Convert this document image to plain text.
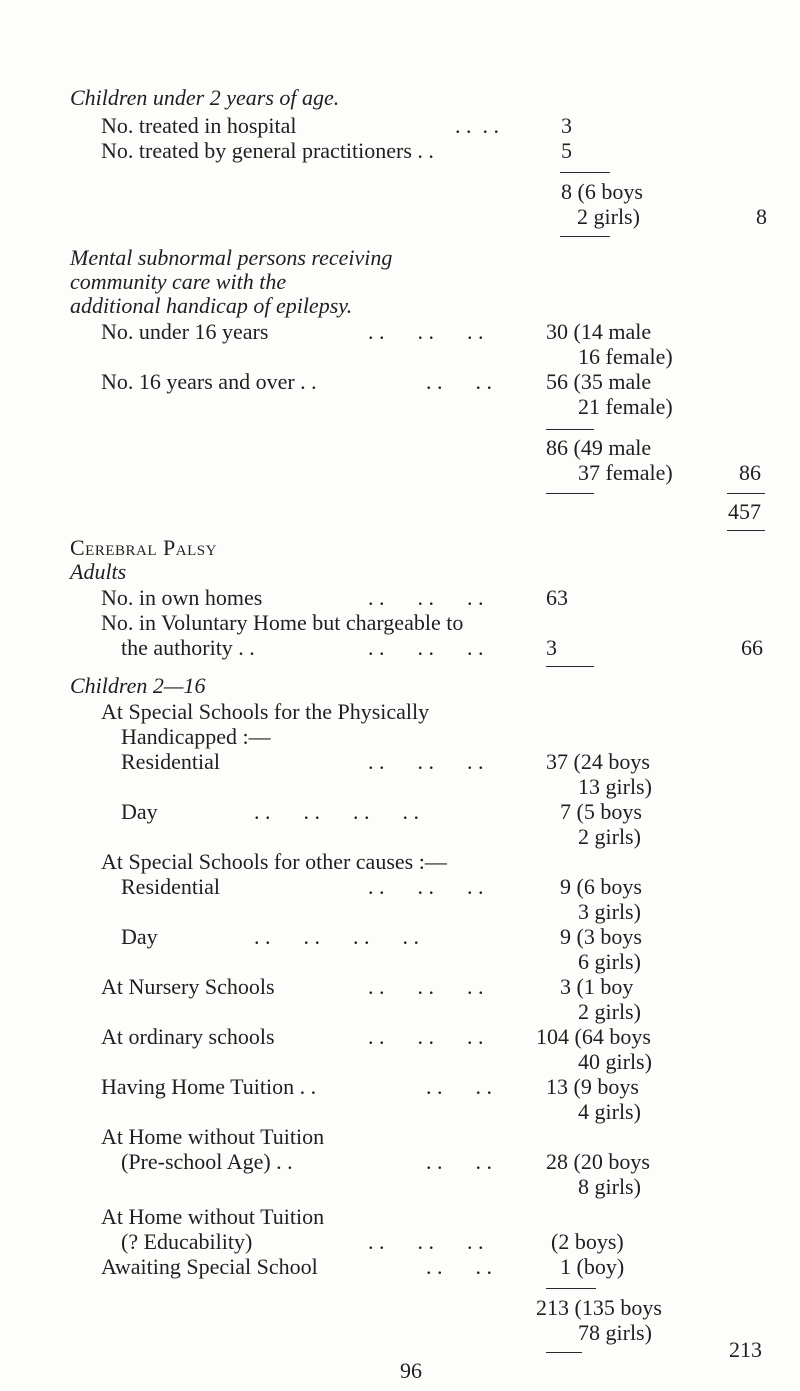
Children under 2 years of age.
No. treated in hospital	. .  . .	3
No. treated by general practitioners . .	5
8 (6 boys
2 girls)	8
Mental subnormal persons receiving
community care with the
additional handicap of epilepsy.
No. under 16 years	. .      . .      . .	30 (14 male
16 female)
No. 16 years and over . .	. .      . . 56 (35 male
21 female)
86 (49 male
37 female)	86
457
Cerebral Palsy
Adults
No. in own homes	. .      . .      . .	63
No. in Voluntary Home but chargeable to
the authority . .	. .      . .      . .	3	66
Children 2—16
At Special Schools for the Physically
Handicapped :—
Residential	. .      . .      . .	37 (24 boys
13 girls)
Day	. .      . .      . .      . .	7 (5 boys
2 girls)
At Special Schools for other causes :—
Residential	. .      . .      . .	9 (6 boys
3 girls)
Day	. .      . .      . .      . .	9 (3 boys
6 girls)
At Nursery Schools	. .      . .      . .	3 (1 boy
2 girls)
At ordinary schools	. .      . .      . . 104 (64 boys
40 girls)
Having Home Tuition . .	. .      . . 13 (9 boys
4 girls)
At Home without Tuition
(Pre-school Age) . .	. .      . . 28 (20 boys
8 girls)
At Home without Tuition
(? Educability)	. .      . .      . .	(2 boys)
Awaiting Special School	. .      . .	1 (boy)
213 (135 boys
78 girls)
213
96
